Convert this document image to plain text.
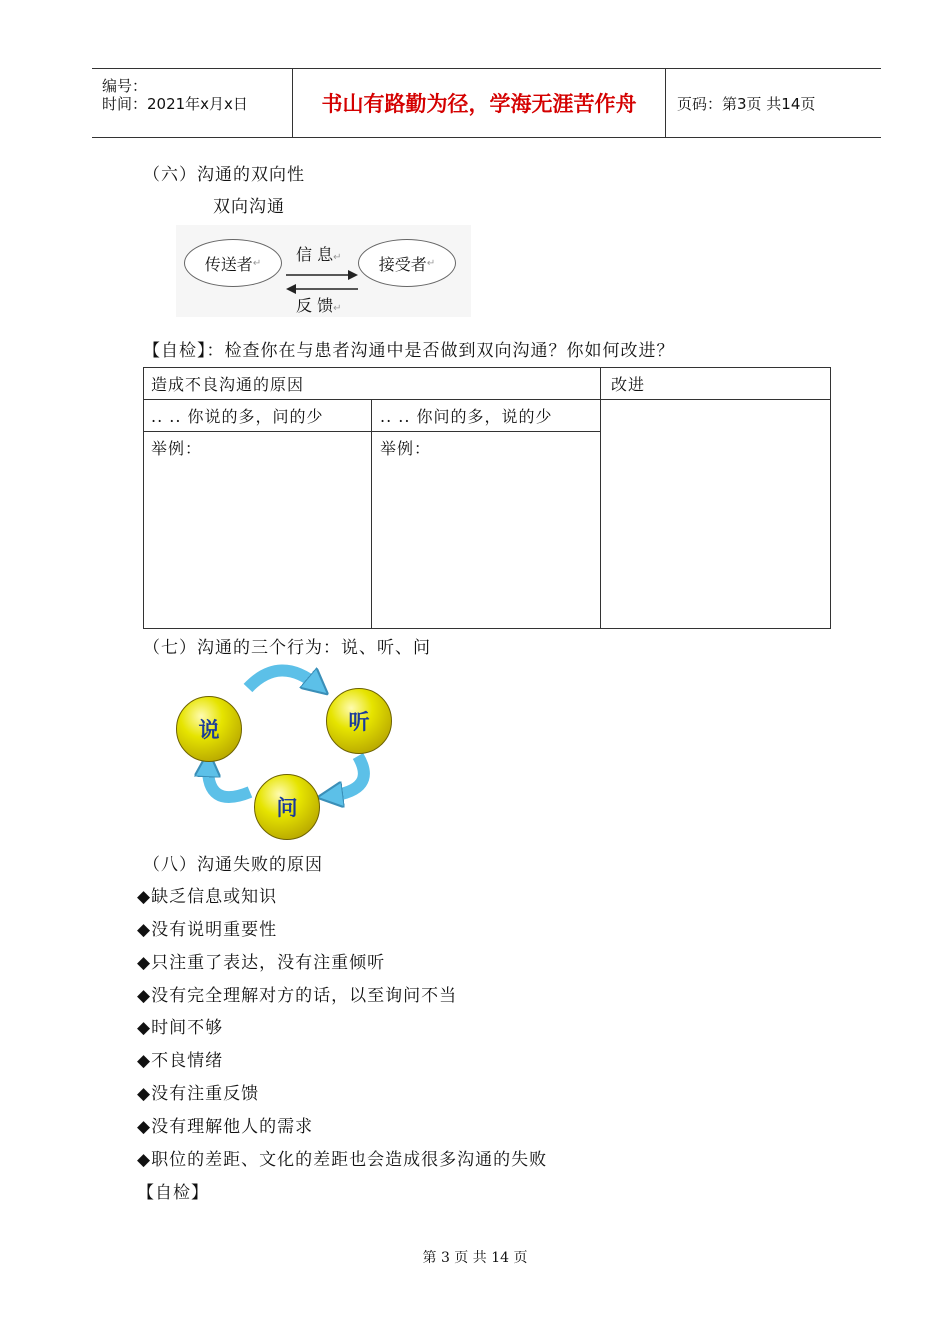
编号：
时间：2021年x月x日	书山有路勤为径，学海无涯苦作舟	页码：第3页 共14页
（六）沟通的双向性
双向沟通
传送者 ↵	接受者 ↵
信 息↵
反 馈↵
【自检】：检查你在与患者沟通中是否做到双向沟通？你如何改进？
造成不良沟通的原因	改进
.. .. 你说的多，问的少	.. .. 你问的多，说的少
举例：	举例：
（七）沟通的三个行为：说、听、问
说	听
问
（八）沟通失败的原因
◆缺乏信息或知识
◆没有说明重要性
◆只注重了表达，没有注重倾听
◆没有完全理解对方的话，以至询问不当
◆时间不够
◆不良情绪
◆没有注重反馈
◆没有理解他人的需求
◆职位的差距、文化的差距也会造成很多沟通的失败
【自检】
第 3 页 共 14 页
